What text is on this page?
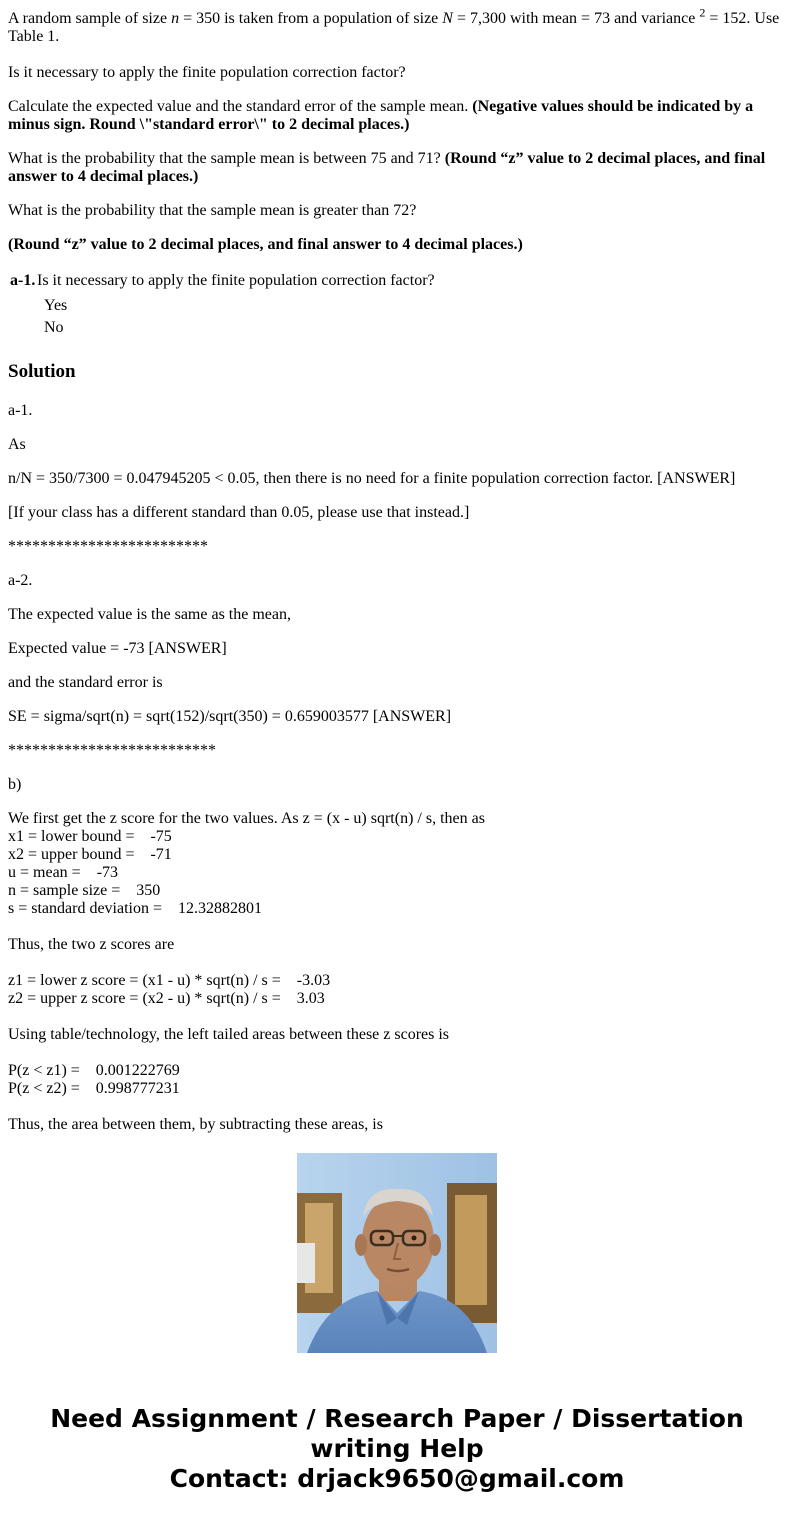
A random sample of size n = 350 is taken from a population of size N = 7,300 with mean = 73 and variance $^2$ = 152. Use
Table 1.

Is it necessary to apply the finite population correction factor?

Calculate the expected value and the standard error of the sample mean. (Negative values should be indicated by a
minus sign. Round \"standard error\" to 2 decimal places.)

What is the probability that the sample mean is between 75 and 71? (Round “z” value to 2 decimal places, and final
answer to 4 decimal places.)

What is the probability that the sample mean is greater than 72?

(Round “z” value to 2 decimal places, and final answer to 4 decimal places.)

a-1. Is it necessary to apply the finite population correction factor?
Yes
No
Solution

a-1.

As

n/N = 350/7300 = 0.047945205 < 0.05, then there is no need for a finite population correction factor. [ANSWER]

[If your class has a different standard than 0.05, please use that instead.]

*************************

a-2.

The expected value is the same as the mean,

Expected value = -73 [ANSWER]

and the standard error is

SE = sigma/sqrt(n) = sqrt(152)/sqrt(350) = 0.659003577 [ANSWER]

**************************

b)

We first get the z score for the two values. As z = (x - u) sqrt(n) / s, then as
x1 = lower bound =    -75
x2 = upper bound =    -71
u = mean =    -73
n = sample size =    350
s = standard deviation =    12.32882801

Thus, the two z scores are

z1 = lower z score = (x1 - u) * sqrt(n) / s =    -3.03
z2 = upper z score = (x2 - u) * sqrt(n) / s =    3.03

Using table/technology, the left tailed areas between these z scores is

P(z < z1) =    0.001222769
P(z < z2) =    0.998777231

Thus, the area between them, by subtracting these areas, is

Need Assignment / Research Paper / Dissertation
writing Help
Contact: drjack9650@gmail.com
